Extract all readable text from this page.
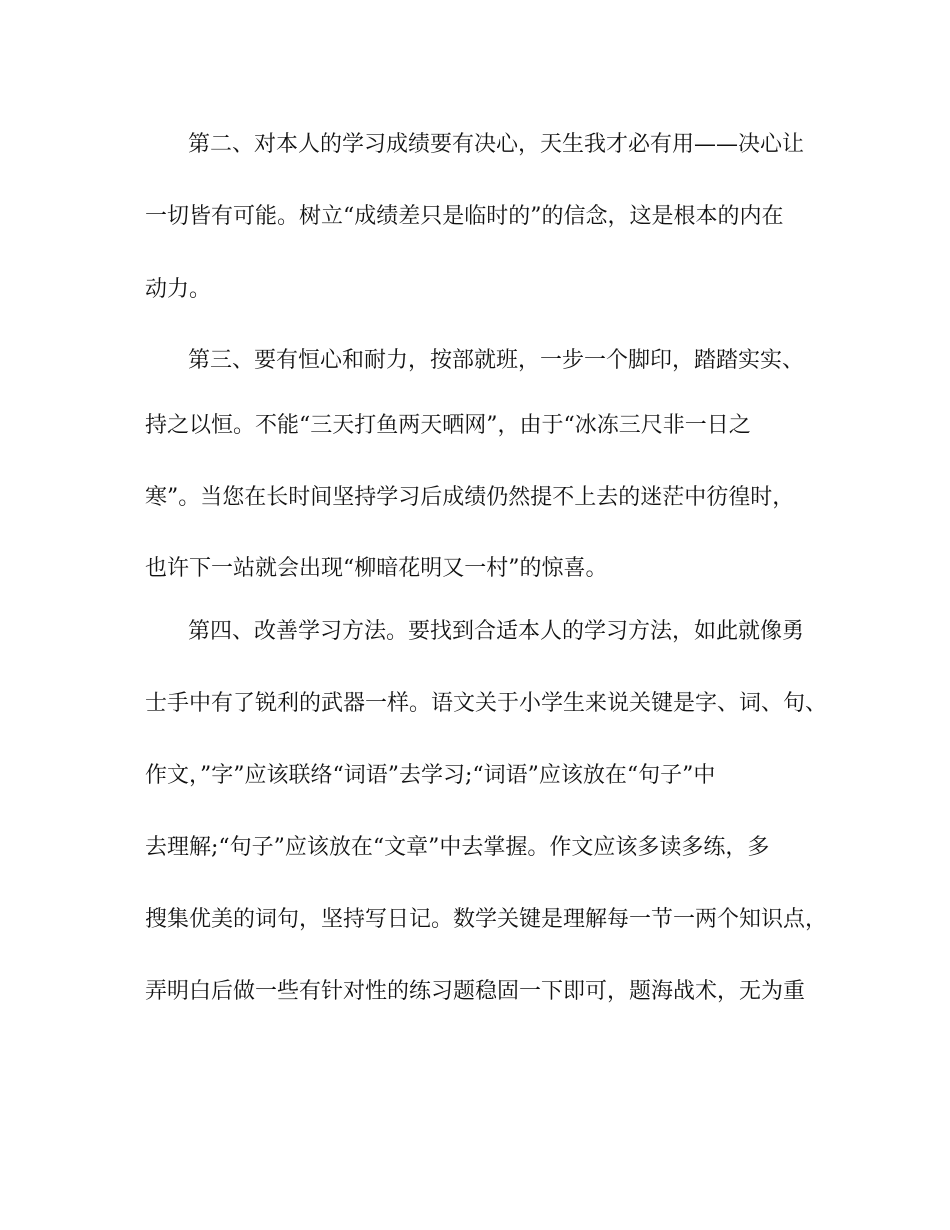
第二、对本人的学习成绩要有决心，天生我才必有用——决心让
一切皆有可能。树立“成绩差只是临时的”的信念，这是根本的内在
动力。
第三、要有恒心和耐力，按部就班，一步一个脚印，踏踏实实、
持之以恒。不能“三天打鱼两天晒网”，由于“冰冻三尺非一日之
寒”。当您在长时间坚持学习后成绩仍然提不上去的迷茫中彷徨时，
也许下一站就会出现“柳暗花明又一村”的惊喜。
第四、改善学习方法。要找到合适本人的学习方法，如此就像勇
士手中有了锐利的武器一样。语文关于小学生来说关键是字、词、句、
作文，”字”应该联络“词语”去学习;“词语”应该放在“句子”中
去理解;“句子”应该放在“文章”中去掌握。作文应该多读多练，多
搜集优美的词句，坚持写日记。数学关键是理解每一节一两个知识点，
弄明白后做一些有针对性的练习题稳固一下即可，题海战术，无为重
